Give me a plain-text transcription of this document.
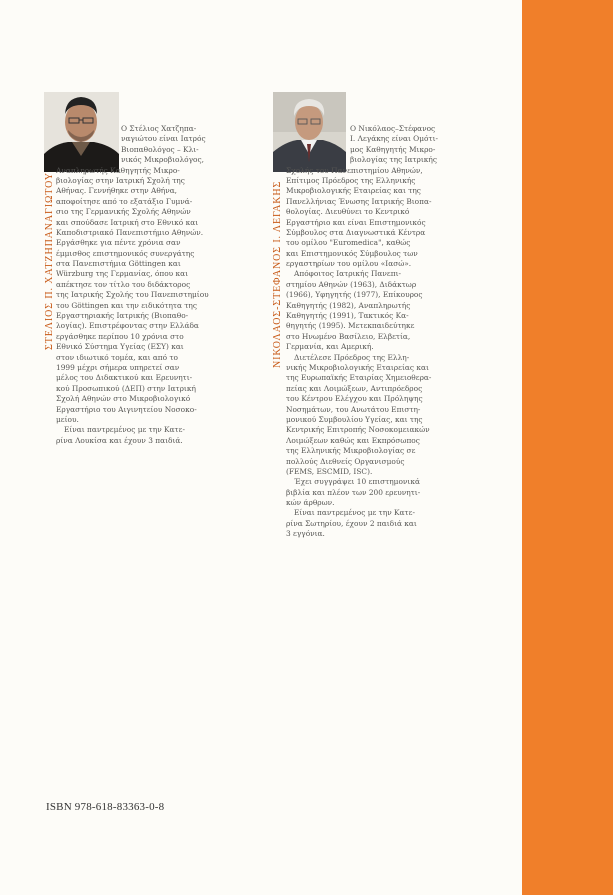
ΣΤΕΛΙΟΣ Π. ΧΑΤΖΗΠΑΝΑΓΙΩΤΟΥ	ΝΙΚΟΛΑΟΣ-ΣΤΕΦΑΝΟΣ Ι. ΛΕΓΑΚΗΣ
Ο Στέλιος Χατζηπα-
ναγιώτου είναι Ιατρός
Βιοπαθολόγος – Κλι-
νικός Μικροβιολόγος,
Αναπληρωτής Καθηγητής Μικρο-
βιολογίας στην Ιατρική Σχολή της
Αθήνας. Γεννήθηκε στην Αθήνα,
αποφοίτησε από το εξατάξιο Γυμνά-
σιο της Γερμανικής Σχολής Αθηνών
και σπούδασε Ιατρική στο Εθνικό και
Καποδιστριακό Πανεπιστήμιο Αθηνών.
Εργάσθηκε για πέντε χρόνια σαν
έμμισθος επιστημονικός συνεργάτης
στα Πανεπιστήμια Göttingen και
Würzburg της Γερμανίας, όπου και
απέκτησε τον τίτλο του διδάκτορος
της Ιατρικής Σχολής του Πανεπιστημίου
του Göttingen και την ειδικότητα της
Εργαστηριακής Ιατρικής (Βιοπαθο-
λογίας). Επιστρέφοντας στην Ελλάδα
εργάσθηκε περίπου 10 χρόνια στο
Εθνικό Σύστημα Υγείας (ΕΣΥ) και
στον ιδιωτικό τομέα, και από το
1999 μέχρι σήμερα υπηρετεί σαν
μέλος του Διδακτικού και Ερευνητι-
κού Προσωπικού (ΔΕΠ) στην Ιατρική
Σχολή Αθηνών στο Μικροβιολογικό
Εργαστήριο του Αιγινητείου Νοσοκο-
μείου.
Είναι παντρεμένος με την Κατε-
ρίνα Λουκίσα και έχουν 3 παιδιά.
Ο Νικόλαος–Στέφανος
Ι. Λεγάκης είναι Ομότι-
μος Καθηγητής Μικρο-
βιολογίας της Ιατρικής
Σχολής του Πανεπιστημίου Αθηνών,
Επίτιμος Πρόεδρος της Ελληνικής
Μικροβιολογικής Εταιρείας και της
Πανελλήνιας Ένωσης Ιατρικής Βιοπα-
θολογίας. Διευθύνει το Κεντρικό
Εργαστήριο και είναι Επιστημονικός
Σύμβουλος στα Διαγνωστικά Κέντρα
του ομίλου "Euromedica", καθώς
και Επιστημονικός Σύμβουλος των
εργαστηρίων του ομίλου «Ιασώ».
Απόφοιτος Ιατρικής Πανεπι-
στημίου Αθηνών (1963), Διδάκτωρ
(1966), Υφηγητής (1977), Επίκουρος
Καθηγητής (1982), Αναπληρωτής
Καθηγητής (1991), Τακτικός Κα-
θηγητής (1995). Μετεκπαιδεύτηκε
στο Ηνωμένο Βασίλειο, Ελβετία,
Γερμανία, και Αμερική.
Διετέλεσε Πρόεδρος της Ελλη-
νικής Μικροβιολογικής Εταιρείας και
της Ευρωπαϊκής Εταιρίας Χημειοθερα-
πείας και Λοιμώξεων, Αντιπρόεδρος
του Κέντρου Ελέγχου και Πρόληψης
Νοσημάτων, του Ανωτάτου Επιστη-
μονικού Συμβουλίου Υγείας, και της
Κεντρικής Επιτροπής Νοσοκομειακών
Λοιμώξεων καθώς και Εκπρόσωπος
της Ελληνικής Μικροβιολογίας σε
πολλούς Διεθνείς Οργανισμούς
(FEMS, ESCMID, ISC).
Έχει συγγράψει 10 επιστημονικά
βιβλία και πλέον των 200 ερευνητι-
κών άρθρων.
Είναι παντρεμένος με την Κατε-
ρίνα Σωτηρίου, έχουν 2 παιδιά και
3 εγγόνια.
ISBN 978-618-83363-0-8
